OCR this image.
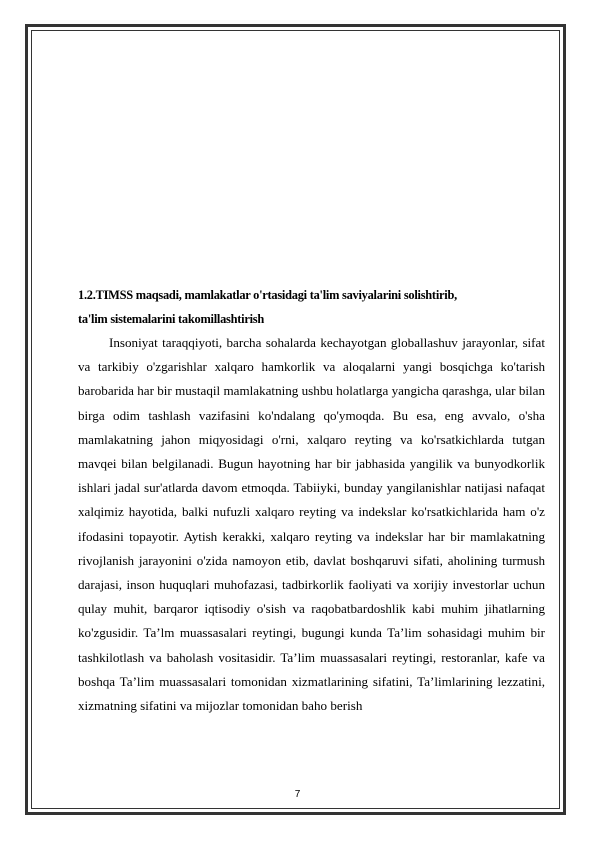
1.2.TIMSS maqsadi, mamlakatlar o'rtasidagi ta'lim saviyalarini solishtirib,
ta'lim sistemalarini takomillashtirish

Insoniyat taraqqiyoti, barcha sohalarda kechayotgan globallashuv jarayonlar, sifat va tarkibiy o'zgarishlar xalqaro hamkorlik va aloqalarni yangi bosqichga ko'tarish barobarida har bir mustaqil mamlakatning ushbu holatlarga yangicha qarashga, ular bilan birga odim tashlash vazifasini ko'ndalang qo'ymoqda. Bu esa, eng avvalo, o'sha mamlakatning jahon miqyosidagi o'rni, xalqaro reyting va ko'rsatkichlarda tutgan mavqei bilan belgilanadi. Bugun hayotning har bir jabhasida yangilik va bunyodkorlik ishlari jadal sur'atlarda davom etmoqda. Tabiiyki, bunday yangilanishlar natijasi nafaqat xalqimiz hayotida, balki nufuzli xalqaro reyting va indekslar ko'rsatkichlarida ham o'z ifodasini topayotir. Aytish kerakki, xalqaro reyting va indekslar har bir mamlakatning rivojlanish jarayonini o'zida namoyon etib, davlat boshqaruvi sifati, aholining turmush darajasi, inson huquqlari muhofazasi, tadbirkorlik faoliyati va xorijiy investorlar uchun qulay muhit, barqaror iqtisodiy o'sish va raqobatbardoshlik kabi muhim jihatlarning ko'zgusidir. Ta’lm muassasalari reytingi, bugungi kunda Ta’lim sohasidagi muhim bir tashkilotlash va baholash vositasidir. Ta’lim muassasalari reytingi, restoranlar, kafe va boshqa Ta’lim muassasalari tomonidan xizmatlarining sifatini, Ta’limlarining lezzatini, xizmatning sifatini va mijozlar tomonidan baho berish

7
